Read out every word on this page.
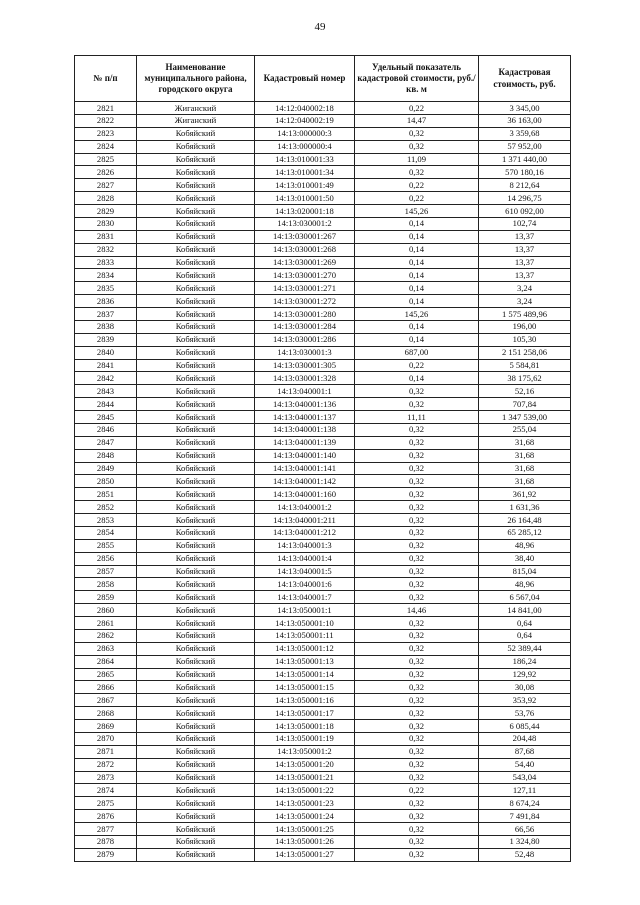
49
№ п/п	Наименование муниципального района, городского округа	Кадастровый номер	Удельный показатель кадастровой стоимости, руб./кв. м	Кадастровая стоимость, руб.
2821	Жиганский	14:12:040002:18	0,22	3 345,00
2822	Жиганский	14:12:040002:19	14,47	36 163,00
2823	Кобяйский	14:13:000000:3	0,32	3 359,68
2824	Кобяйский	14:13:000000:4	0,32	57 952,00
2825	Кобяйский	14:13:010001:33	11,09	1 371 440,00
2826	Кобяйский	14:13:010001:34	0,32	570 180,16
2827	Кобяйский	14:13:010001:49	0,22	8 212,64
2828	Кобяйский	14:13:010001:50	0,22	14 296,75
2829	Кобяйский	14:13:020001:18	145,26	610 092,00
2830	Кобяйский	14:13:030001:2	0,14	102,74
2831	Кобяйский	14:13:030001:267	0,14	13,37
2832	Кобяйский	14:13:030001:268	0,14	13,37
2833	Кобяйский	14:13:030001:269	0,14	13,37
2834	Кобяйский	14:13:030001:270	0,14	13,37
2835	Кобяйский	14:13:030001:271	0,14	3,24
2836	Кобяйский	14:13:030001:272	0,14	3,24
2837	Кобяйский	14:13:030001:280	145,26	1 575 489,96
2838	Кобяйский	14:13:030001:284	0,14	196,00
2839	Кобяйский	14:13:030001:286	0,14	105,30
2840	Кобяйский	14:13:030001:3	687,00	2 151 258,06
2841	Кобяйский	14:13:030001:305	0,22	5 584,81
2842	Кобяйский	14:13:030001:328	0,14	38 175,62
2843	Кобяйский	14:13:040001:1	0,32	52,16
2844	Кобяйский	14:13:040001:136	0,32	707,84
2845	Кобяйский	14:13:040001:137	11,11	1 347 539,00
2846	Кобяйский	14:13:040001:138	0,32	255,04
2847	Кобяйский	14:13:040001:139	0,32	31,68
2848	Кобяйский	14:13:040001:140	0,32	31,68
2849	Кобяйский	14:13:040001:141	0,32	31,68
2850	Кобяйский	14:13:040001:142	0,32	31,68
2851	Кобяйский	14:13:040001:160	0,32	361,92
2852	Кобяйский	14:13:040001:2	0,32	1 631,36
2853	Кобяйский	14:13:040001:211	0,32	26 164,48
2854	Кобяйский	14:13:040001:212	0,32	65 285,12
2855	Кобяйский	14:13:040001:3	0,32	48,96
2856	Кобяйский	14:13:040001:4	0,32	38,40
2857	Кобяйский	14:13:040001:5	0,32	815,04
2858	Кобяйский	14:13:040001:6	0,32	48,96
2859	Кобяйский	14:13:040001:7	0,32	6 567,04
2860	Кобяйский	14:13:050001:1	14,46	14 841,00
2861	Кобяйский	14:13:050001:10	0,32	0,64
2862	Кобяйский	14:13:050001:11	0,32	0,64
2863	Кобяйский	14:13:050001:12	0,32	52 389,44
2864	Кобяйский	14:13:050001:13	0,32	186,24
2865	Кобяйский	14:13:050001:14	0,32	129,92
2866	Кобяйский	14:13:050001:15	0,32	30,08
2867	Кобяйский	14:13:050001:16	0,32	353,92
2868	Кобяйский	14:13:050001:17	0,32	53,76
2869	Кобяйский	14:13:050001:18	0,32	6 085,44
2870	Кобяйский	14:13:050001:19	0,32	204,48
2871	Кобяйский	14:13:050001:2	0,32	87,68
2872	Кобяйский	14:13:050001:20	0,32	54,40
2873	Кобяйский	14:13:050001:21	0,32	543,04
2874	Кобяйский	14:13:050001:22	0,22	127,11
2875	Кобяйский	14:13:050001:23	0,32	8 674,24
2876	Кобяйский	14:13:050001:24	0,32	7 491,84
2877	Кобяйский	14:13:050001:25	0,32	66,56
2878	Кобяйский	14:13:050001:26	0,32	1 324,80
2879	Кобяйский	14:13:050001:27	0,32	52,48
